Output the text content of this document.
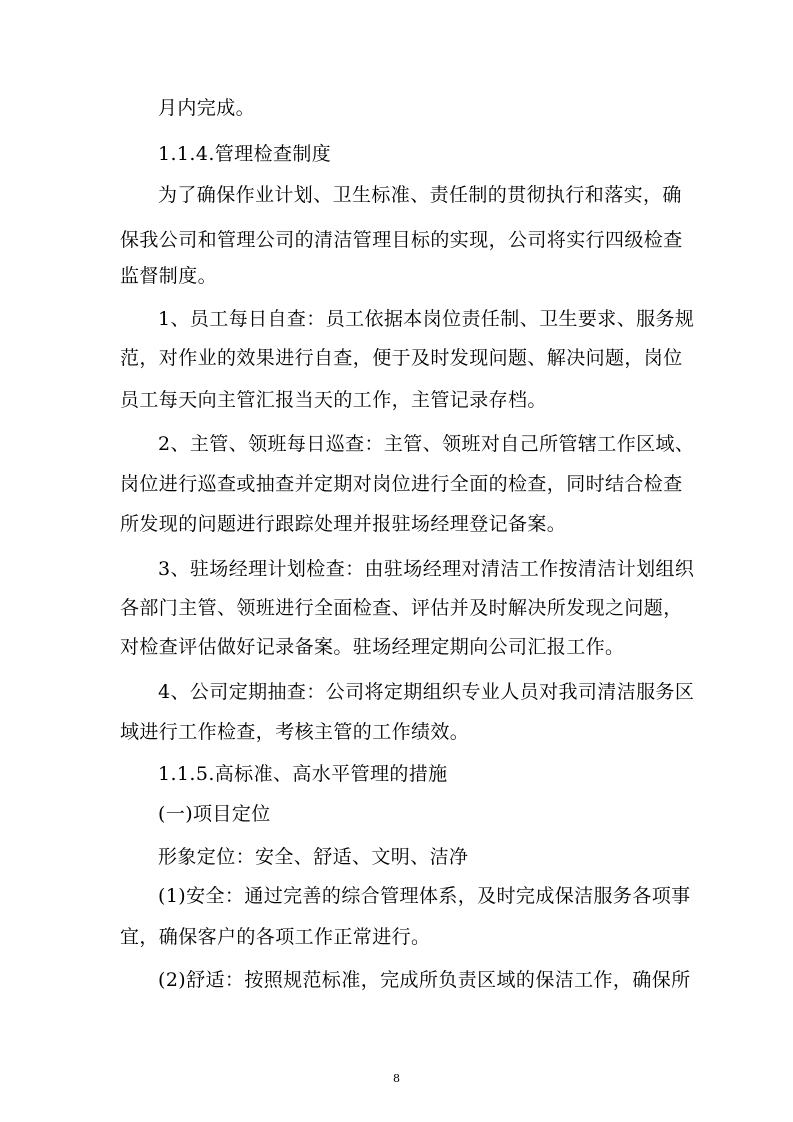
月内完成。
1.1.4.管理检查制度
为了确保作业计划、卫生标准、责任制的贯彻执行和落实，确
保我公司和管理公司的清洁管理目标的实现，公司将实行四级检查
监督制度。
1、员工每日自查：员工依据本岗位责任制、卫生要求、服务规
范，对作业的效果进行自查，便于及时发现问题、解决问题，岗位
员工每天向主管汇报当天的工作，主管记录存档。
2、主管、领班每日巡查：主管、领班对自己所管辖工作区域、
岗位进行巡查或抽查并定期对岗位进行全面的检查，同时结合检查
所发现的问题进行跟踪处理并报驻场经理登记备案。
3、驻场经理计划检查：由驻场经理对清洁工作按清洁计划组织
各部门主管、领班进行全面检查、评估并及时解决所发现之问题，
对检查评估做好记录备案。驻场经理定期向公司汇报工作。
4、公司定期抽查：公司将定期组织专业人员对我司清洁服务区
域进行工作检查，考核主管的工作绩效。
1.1.5.高标准、高水平管理的措施
(一)项目定位
形象定位：安全、舒适、文明、洁净
(1)安全：通过完善的综合管理体系，及时完成保洁服务各项事
宜，确保客户的各项工作正常进行。
(2)舒适：按照规范标准，完成所负责区域的保洁工作，确保所
8
